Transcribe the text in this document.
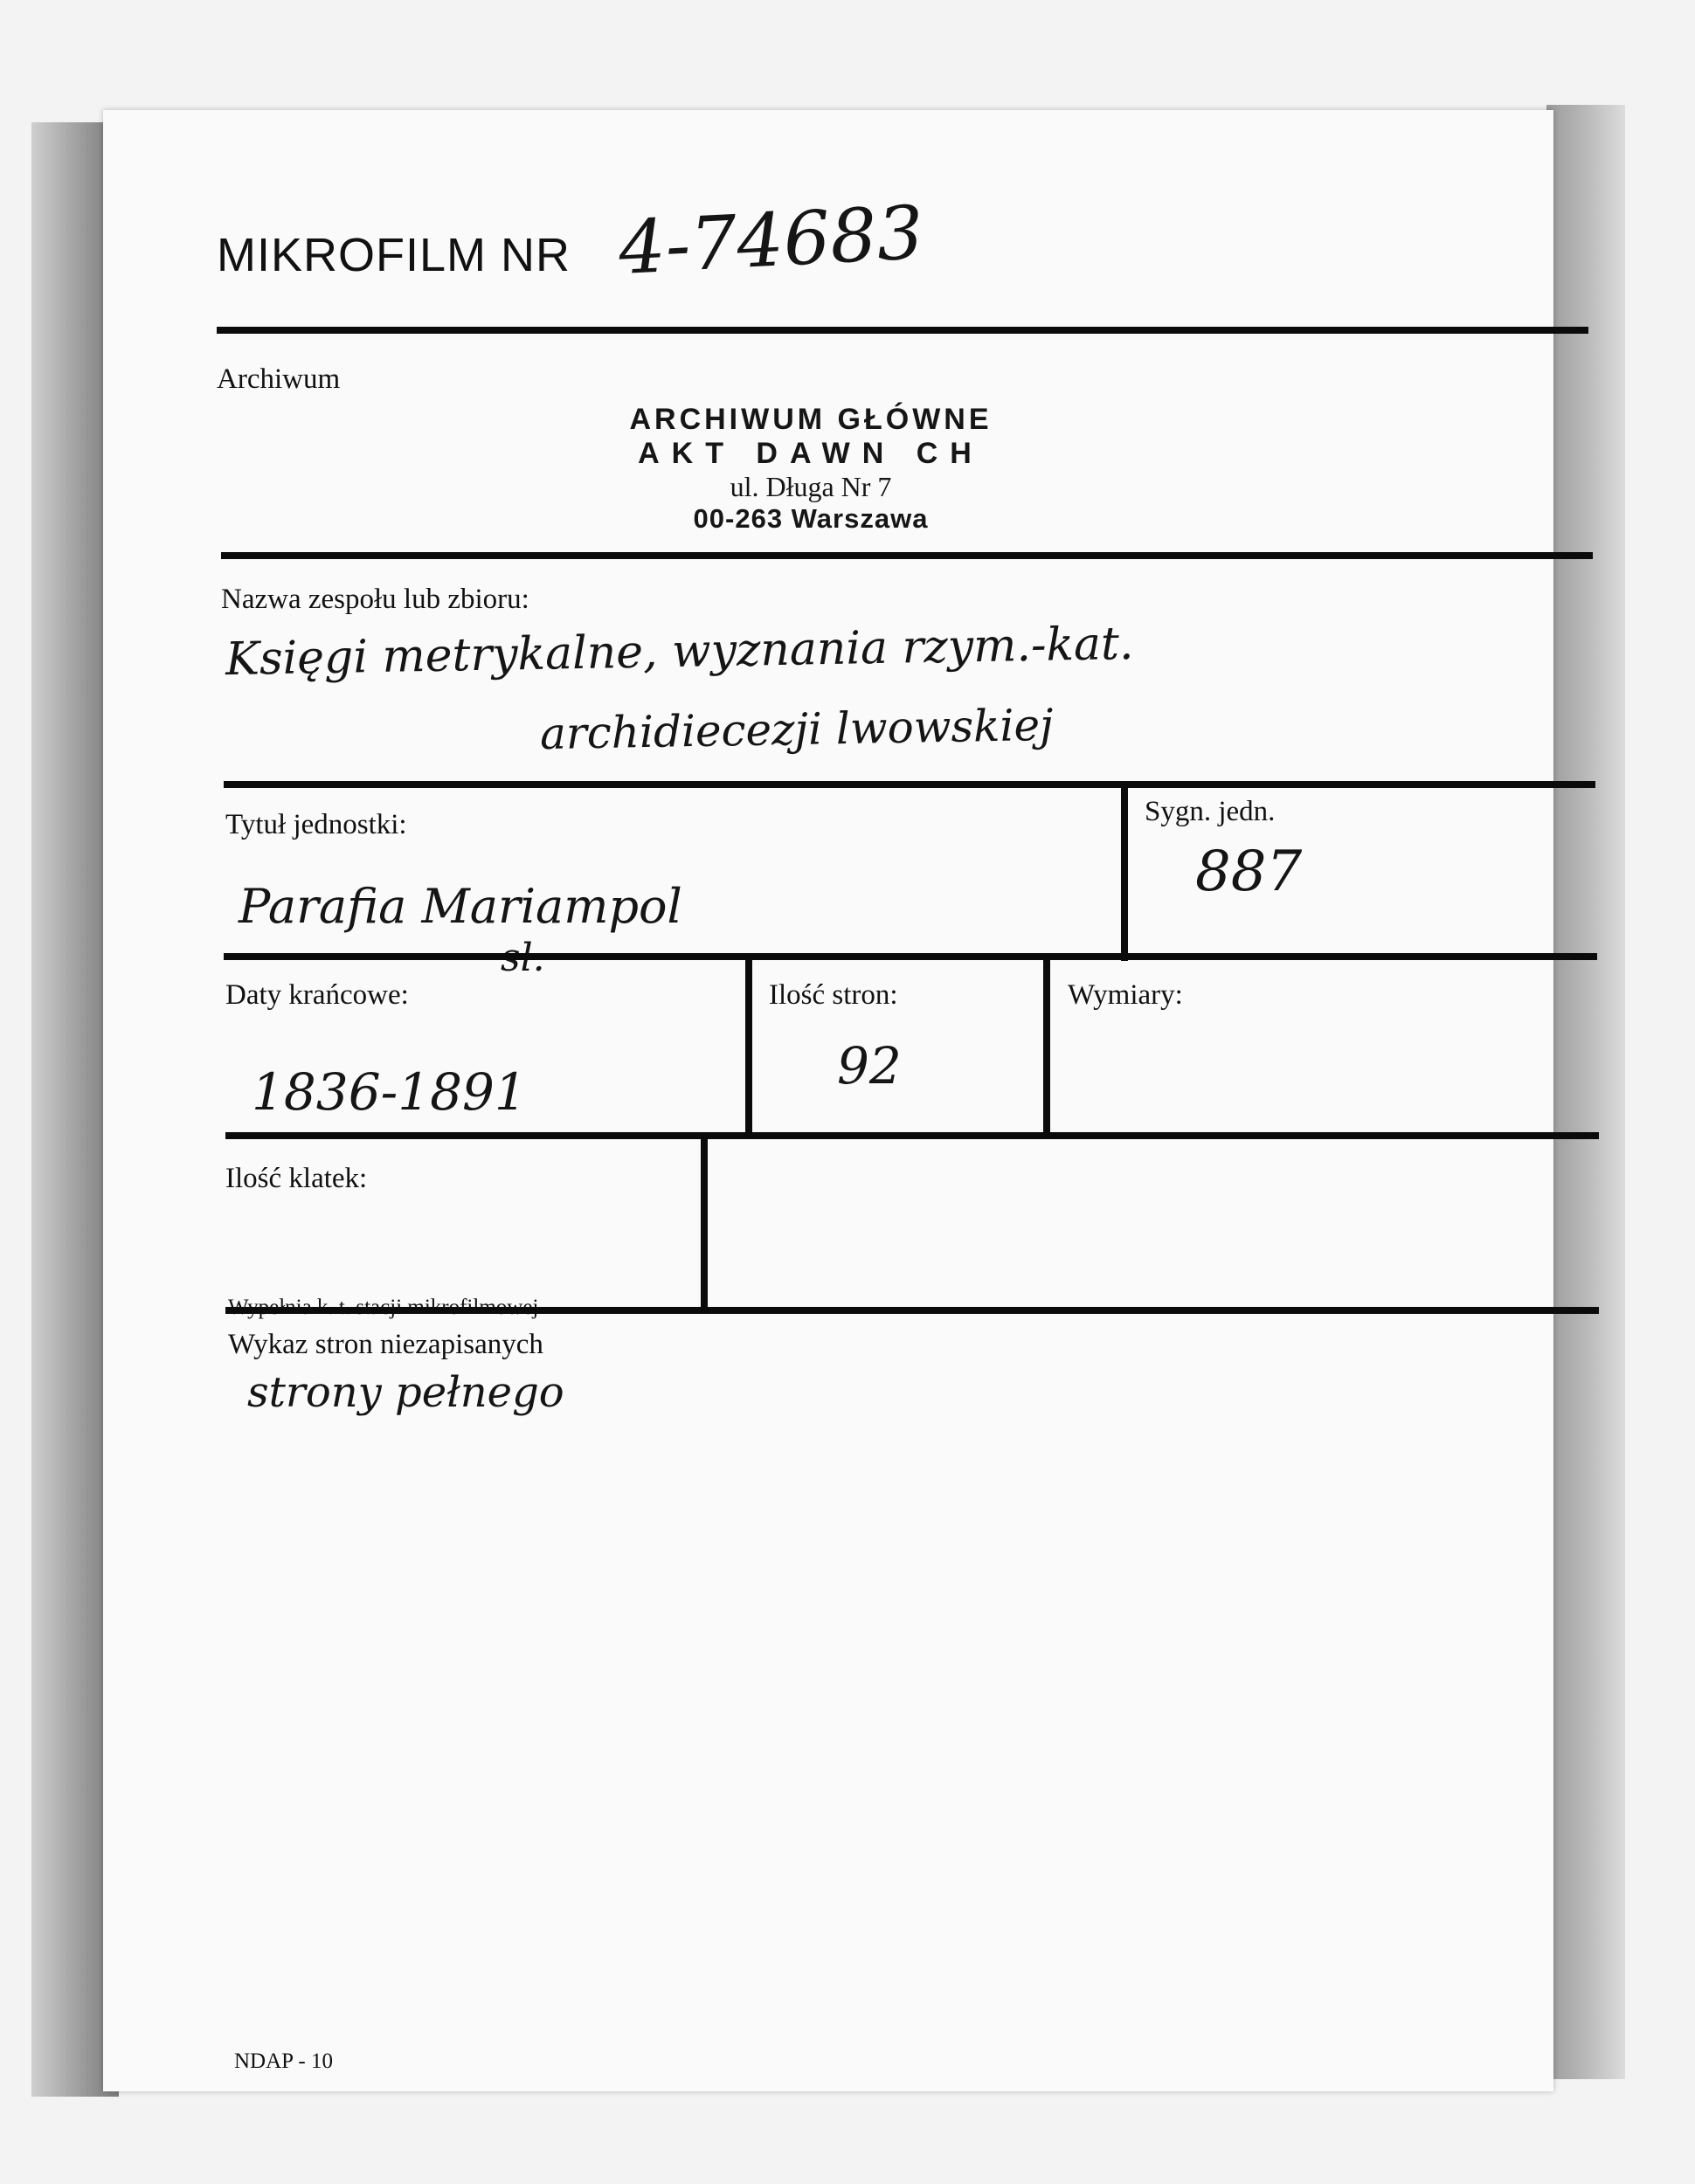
MIKROFILM NR 4-74683
Archiwum
ARCHIWUM GŁÓWNE
AKT DAWN CH
ul. Długa Nr 7
00-263 Warszawa
Nazwa zespołu lub zbioru:
Księgi metrykalne, wyznania rzym.-kat.
archidiecezji lwowskiej
Tytuł jednostki:
Parafia Mariampol
Sygn. jedn.
887
Daty krańcowe:
1836-1891
Ilość stron:
92
Wymiary:
Ilość klatek:
Wykaz stron niezapisanych
strony pełnego
NDAP - 10
